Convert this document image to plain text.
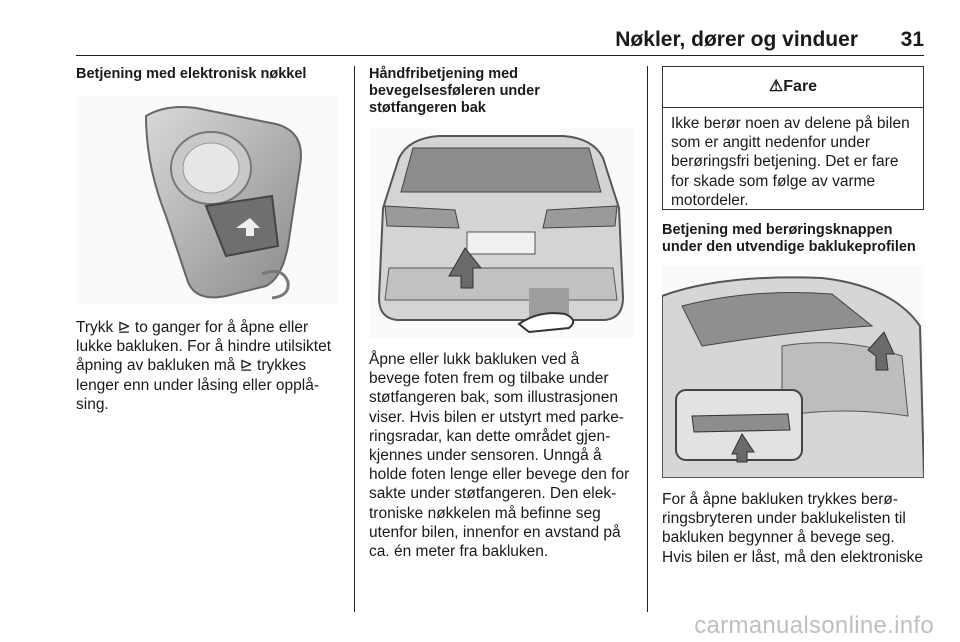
Nøkler, dører og vinduer 31
Betjening med elektronisk nøkkel

Trykk ⊵ to ganger for å åpne eller
lukke bakluken. For å hindre utilsiktet
åpning av bakluken må ⊵ trykkes
lenger enn under låsing eller opplå-
sing.

Håndfribetjening med
bevegelsesføleren under
støtfangeren bak

Åpne eller lukk bakluken ved å
bevege foten frem og tilbake under
støtfangeren bak, som illustrasjonen
viser. Hvis bilen er utstyrt med parke-
ringsradar, kan dette området gjen-
kjennes under sensoren. Unngå å
holde foten lenge eller bevege den for
sakte under støtfangeren. Den elek-
troniske nøkkelen må befinne seg
utenfor bilen, innenfor en avstand på
ca. én meter fra bakluken.

⚠Fare
Ikke berør noen av delene på bilen
som er angitt nedenfor under
berøringsfri betjening. Det er fare
for skade som følge av varme
motordeler.
Betjening med berøringsknappen
under den utvendige baklukeprofilen

For å åpne bakluken trykkes berø-
ringsbryteren under baklukelisten til
bakluken begynner å bevege seg.
Hvis bilen er låst, må den elektroniske

carmanualsonline.info
